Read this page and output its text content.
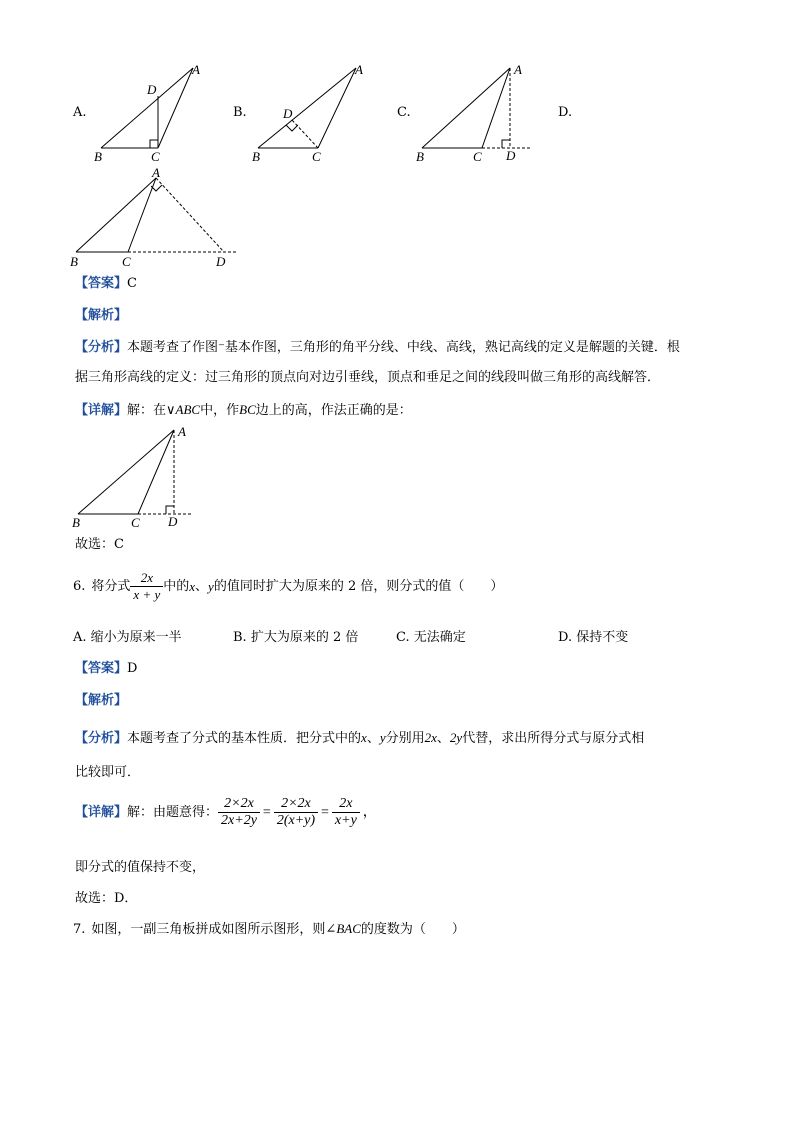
A.
A
D
B	C
B.
A
D
B	C
C.
A
D
B	C
D.
A
B	C	D
【答案】C
【解析】
【分析】本题考查了作图⁻基本作图，三角形的角平分线、中线、高线，熟记高线的定义是解题的关键．根
据三角形高线的定义：过三角形的顶点向对边引垂线，顶点和垂足之间的线段叫做三角形的高线解答．
【详解】解：在∨ABC中，作BC边上的高，作法正确的是：
A
D
B	C
故选：C
6. 将分式 $\frac{2x}{x + y}$ 中的 x 、 y 的值同时扩大为原来的 2 倍，则分式的值（　　）
A. 缩小为原来一半	B. 扩大为原来的 2 倍	C. 无法确定	D. 保持不变
【答案】D
【解析】
【分析】本题考查了分式的基本性质．把分式中的x、y分别用2x、2y代替，求出所得分式与原分式相
比较即可．
【详解】 解：由题意得： $\frac{2\times 2x}{2x+2y} = \frac{2\times 2x}{2(x+y)} = \frac{2x}{x+y}$ ，
即分式的值保持不变，
故选：D．
7. 如图，一副三角板拼成如图所示图形，则∠BAC的度数为（　　）
